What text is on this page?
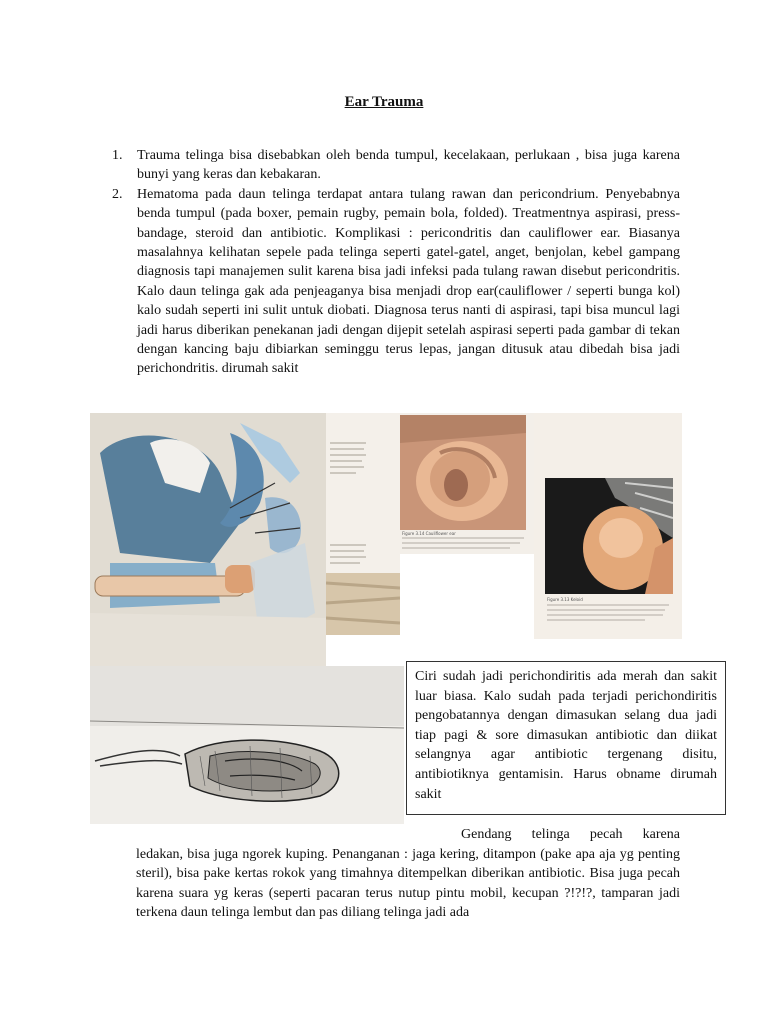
Ear Trauma
1. Trauma telinga bisa disebabkan oleh benda tumpul, kecelakaan, perlukaan , bisa juga karena bunyi yang keras dan kebakaran.
2. Hematoma pada daun telinga terdapat antara tulang rawan dan pericondrium. Penyebabnya benda tumpul (pada boxer, pemain rugby, pemain bola, folded). Treatmentnya aspirasi, press-bandage, steroid dan antibiotic. Komplikasi : pericondritis dan cauliflower ear. Biasanya masalahnya kelihatan sepele pada telinga seperti gatel-gatel, anget, benjolan, kebel gampang diagnosis tapi manajemen sulit karena bisa jadi infeksi pada tulang rawan disebut pericondritis. Kalo daun telinga gak ada penjeaganya bisa menjadi drop ear(cauliflower / seperti bunga kol) kalo sudah seperti ini sulit untuk diobati. Diagnosa terus nanti di aspirasi, tapi bisa muncul lagi jadi harus diberikan penekanan jadi dengan dijepit setelah aspirasi seperti pada gambar di tekan dengan kancing baju dibiarkan seminggu terus lepas, jangan ditusuk atau dibedah bisa jadi perichondritis. dirumah sakit
Figure 3.14 Cauliflower ear
Figure 3.13 Keloid
Ciri sudah jadi perichondiritis ada merah dan sakit luar biasa. Kalo sudah pada terjadi perichondiritis pengobatannya dengan dimasukan selang dua jadi tiap pagi & sore dimasukan antibiotic dan diikat selangnya agar antibiotic tergenang disitu, antibiotiknya gentamisin. Harus obname dirumah sakit
Gendang telinga pecah karena ledakan, bisa juga ngorek kuping. Penanganan : jaga kering, ditampon (pake apa aja yg penting steril), bisa pake kertas rokok yang timahnya ditempelkan diberikan antibiotic. Bisa juga pecah karena suara yg keras (seperti pacaran terus nutup pintu mobil, kecupan ?!?!?, tamparan jadi terkena daun telinga lembut dan pas diliang telinga jadi ada
